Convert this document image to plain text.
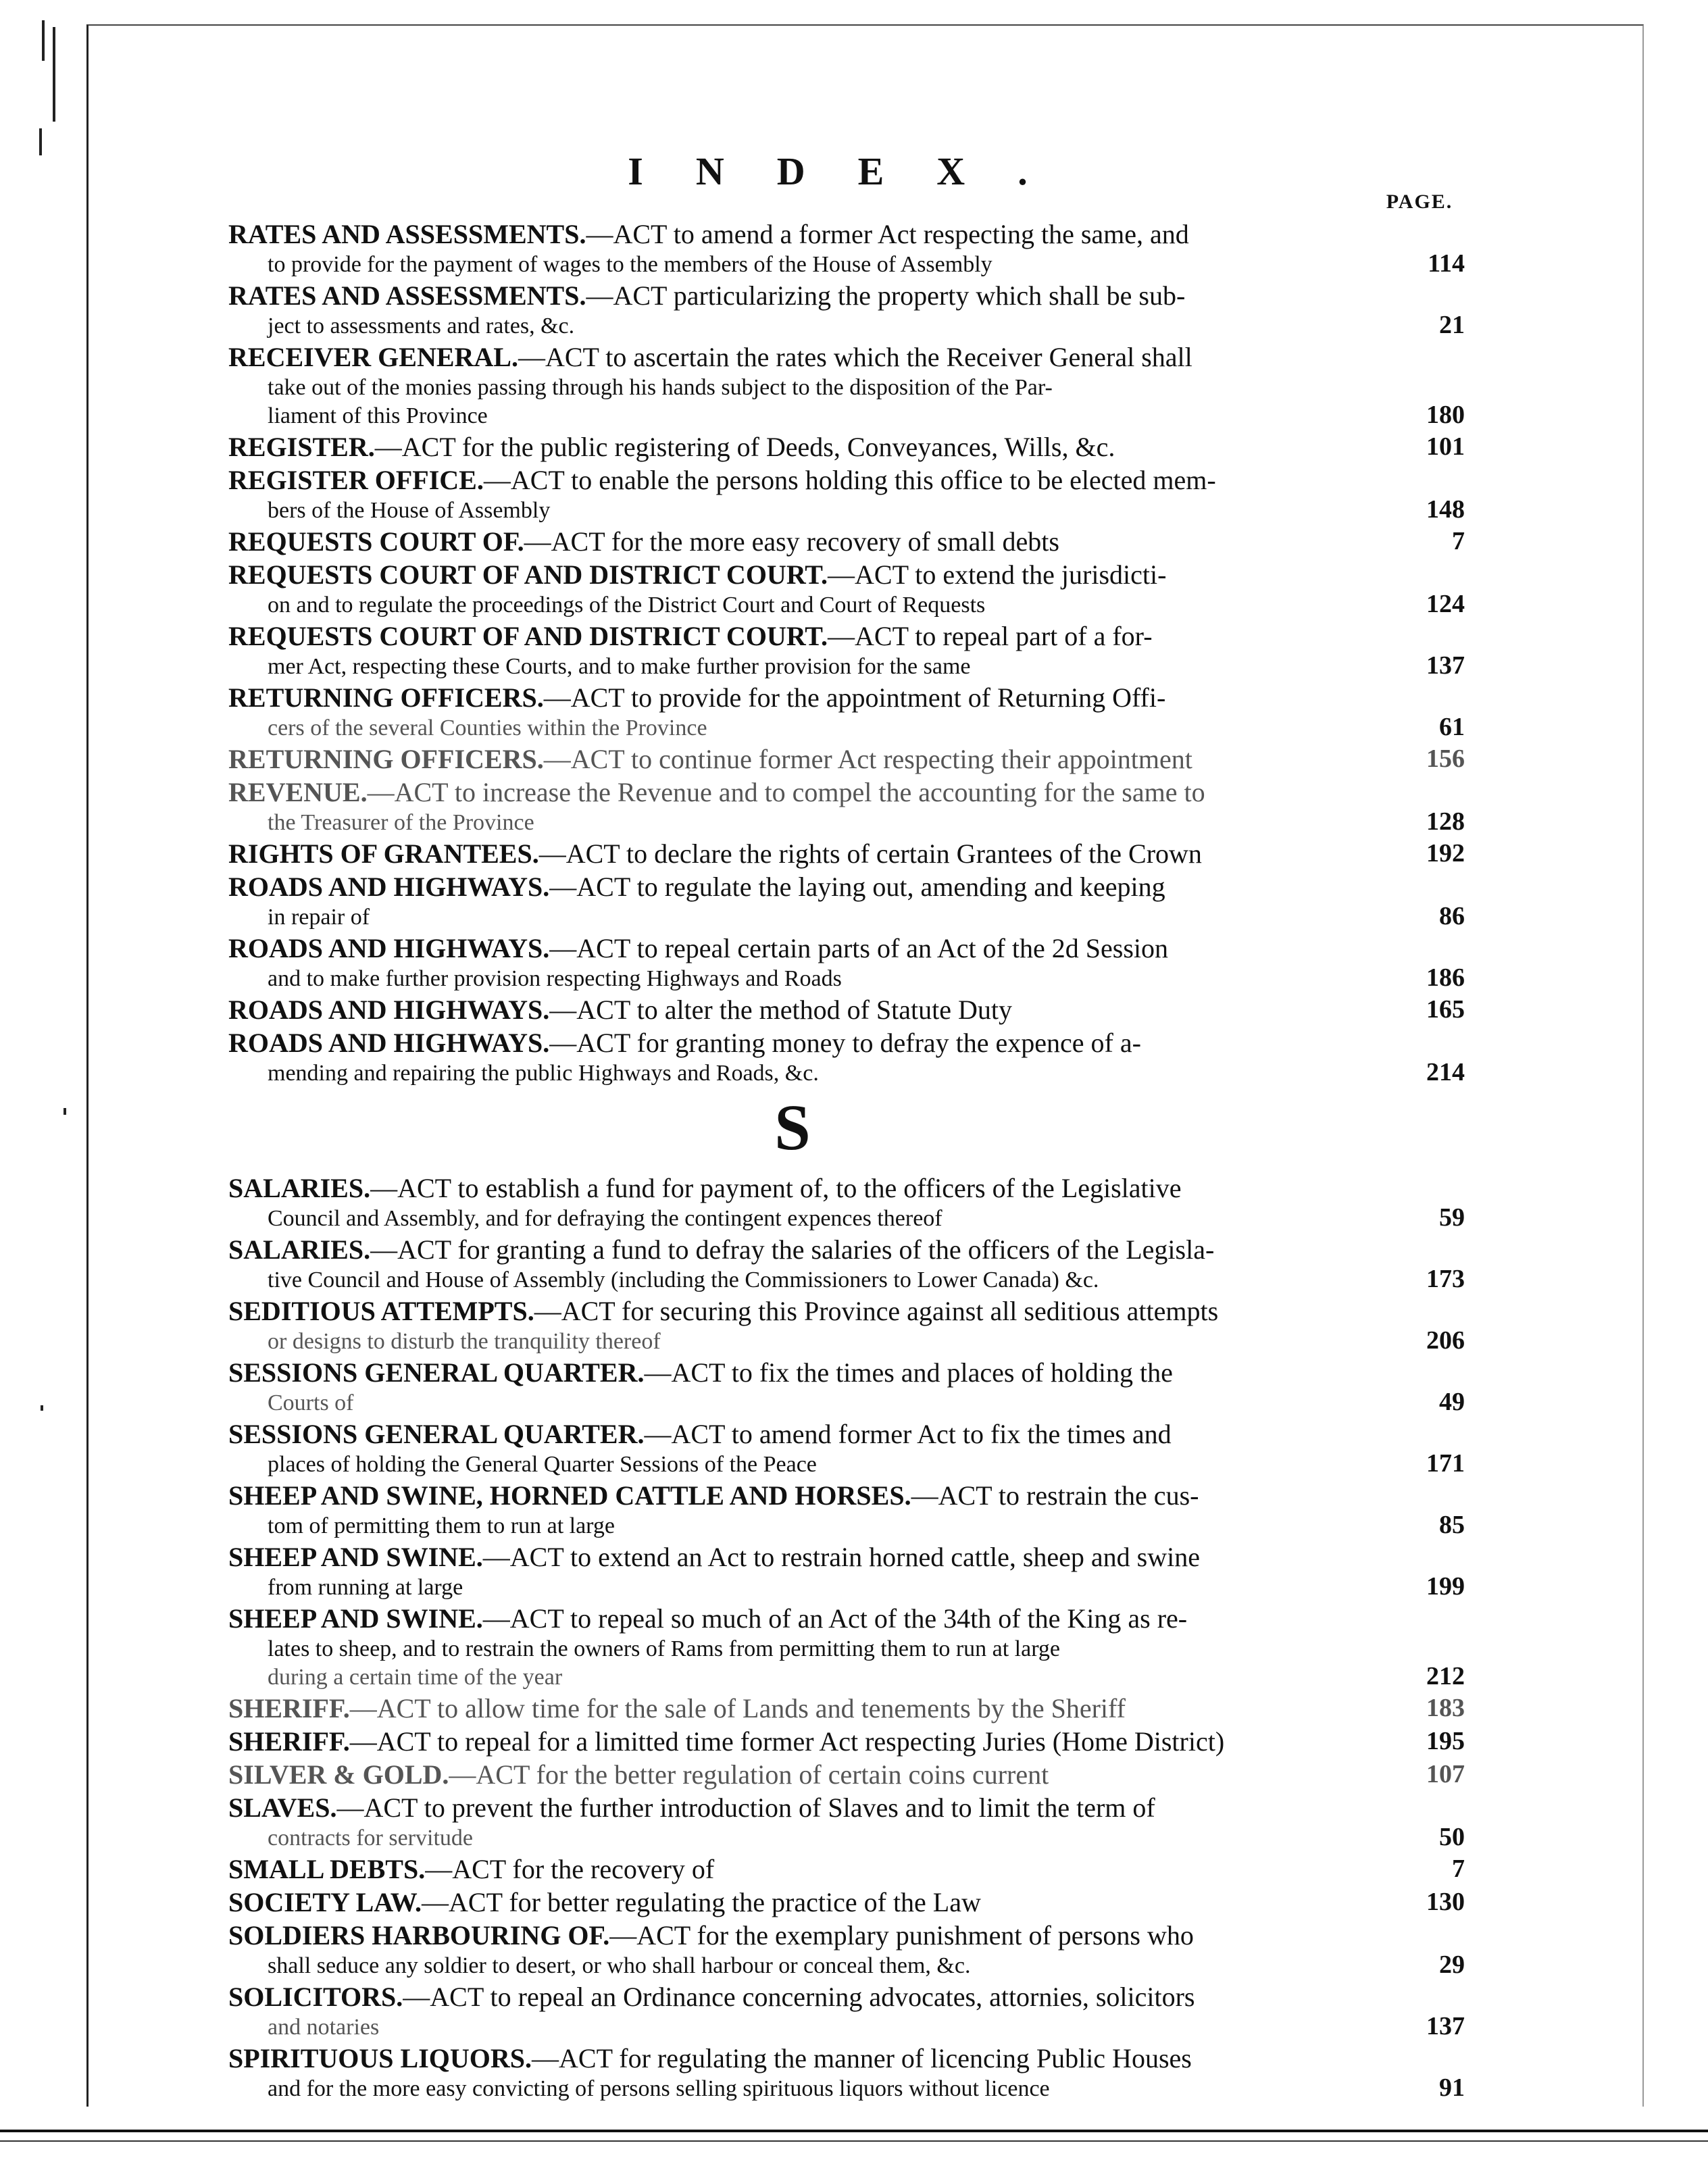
INDEX.
PAGE.
RATES AND ASSESSMENTS.—ACT to amend a former Act respecting the same, and
to provide for the payment of wages to the members of the House of Assembly	114
RATES AND ASSESSMENTS.—ACT particularizing the property which shall be sub-
ject to assessments and rates, &c.	21
RECEIVER GENERAL.—ACT to ascertain the rates which the Receiver General shall
take out of the monies passing through his hands subject to the disposition of the Par-
liament of this Province	180
REGISTER.—ACT for the public registering of Deeds, Conveyances, Wills, &c.	101
REGISTER OFFICE.—ACT to enable the persons holding this office to be elected mem-
bers of the House of Assembly	148
REQUESTS COURT OF.—ACT for the more easy recovery of small debts	7
REQUESTS COURT OF AND DISTRICT COURT.—ACT to extend the jurisdicti-
on and to regulate the proceedings of the District Court and Court of Requests	124
REQUESTS COURT OF AND DISTRICT COURT.—ACT to repeal part of a for-
mer Act, respecting these Courts, and to make further provision for the same	137
RETURNING OFFICERS.—ACT to provide for the appointment of Returning Offi-
cers of the several Counties within the Province	61
RETURNING OFFICERS.—ACT to continue former Act respecting their appointment	156
REVENUE.—ACT to increase the Revenue and to compel the accounting for the same to
the Treasurer of the Province	128
RIGHTS OF GRANTEES.—ACT to declare the rights of certain Grantees of the Crown	192
ROADS AND HIGHWAYS.—ACT to regulate the laying out, amending and keeping
in repair of	86
ROADS AND HIGHWAYS.—ACT to repeal certain parts of an Act of the 2d Session
and to make further provision respecting Highways and Roads	186
ROADS AND HIGHWAYS.—ACT to alter the method of Statute Duty	165
ROADS AND HIGHWAYS.—ACT for granting money to defray the expence of a-
mending and repairing the public Highways and Roads, &c.	214
S
SALARIES.—ACT to establish a fund for payment of, to the officers of the Legislative
Council and Assembly, and for defraying the contingent expences thereof	59
SALARIES.—ACT for granting a fund to defray the salaries of the officers of the Legisla-
tive Council and House of Assembly (including the Commissioners to Lower Canada) &c.	173
SEDITIOUS ATTEMPTS.—ACT for securing this Province against all seditious attempts
or designs to disturb the tranquility thereof	206
SESSIONS GENERAL QUARTER.—ACT to fix the times and places of holding the
Courts of	49
SESSIONS GENERAL QUARTER.—ACT to amend former Act to fix the times and
places of holding the General Quarter Sessions of the Peace	171
SHEEP AND SWINE, HORNED CATTLE AND HORSES.—ACT to restrain the cus-
tom of permitting them to run at large	85
SHEEP AND SWINE.—ACT to extend an Act to restrain horned cattle, sheep and swine
from running at large	199
SHEEP AND SWINE.—ACT to repeal so much of an Act of the 34th of the King as re-
lates to sheep, and to restrain the owners of Rams from permitting them to run at large
during a certain time of the year	212
SHERIFF.—ACT to allow time for the sale of Lands and tenements by the Sheriff	183
SHERIFF.—ACT to repeal for a limitted time former Act respecting Juries (Home District)	195
SILVER & GOLD.—ACT for the better regulation of certain coins current	107
SLAVES.—ACT to prevent the further introduction of Slaves and to limit the term of
contracts for servitude	50
SMALL DEBTS.—ACT for the recovery of	7
SOCIETY LAW.—ACT for better regulating the practice of the Law	130
SOLDIERS HARBOURING OF.—ACT for the exemplary punishment of persons who
shall seduce any soldier to desert, or who shall harbour or conceal them, &c.	29
SOLICITORS.—ACT to repeal an Ordinance concerning advocates, attornies, solicitors
and notaries	137
SPIRITUOUS LIQUORS.—ACT for regulating the manner of licencing Public Houses
and for the more easy convicting of persons selling spirituous liquors without licence	91
